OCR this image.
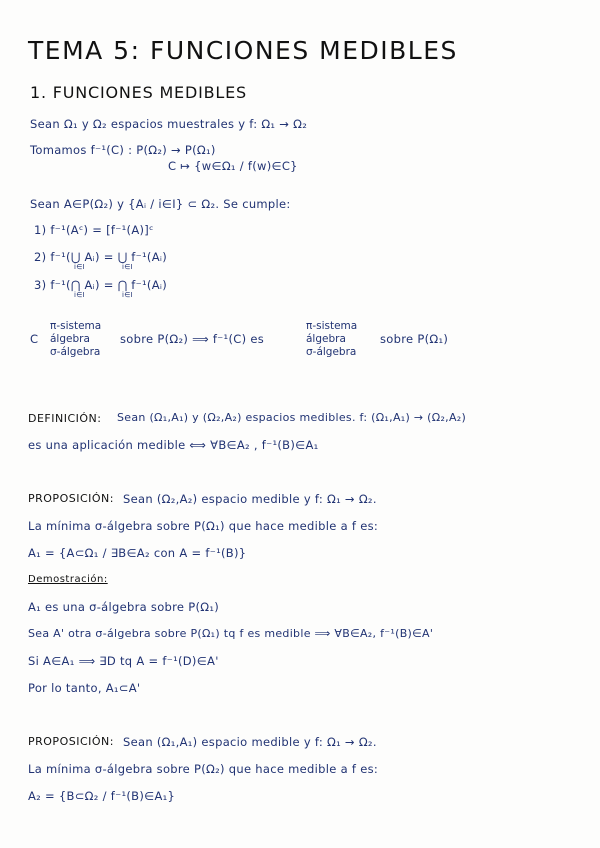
TEMA 5: FUNCIONES MEDIBLES
1. FUNCIONES MEDIBLES
Sean Ω₁ y Ω₂ espacios muestrales y f: Ω₁ → Ω₂
Tomamos f⁻¹(C) : P(Ω₂) → P(Ω₁)
C ↦ {w∈Ω₁ / f(w)∈C}
Sean A∈P(Ω₂) y {Aᵢ / i∈I} ⊂ Ω₂. Se cumple:
1) f⁻¹(Aᶜ) = [f⁻¹(A)]ᶜ
2) f⁻¹(⋃ Aᵢ) = ⋃ f⁻¹(Aᵢ)
i∈I	i∈I
3) f⁻¹(⋂ Aᵢ) = ⋂ f⁻¹(Aᵢ)
i∈I	i∈I
C
π-sistema
álgebra
σ-álgebra
sobre P(Ω₂) ⟹ f⁻¹(C) es
π-sistema
álgebra
σ-álgebra
sobre P(Ω₁)
DEFINICIÓN: Sean (Ω₁,A₁) y (Ω₂,A₂) espacios medibles. f: (Ω₁,A₁) → (Ω₂,A₂)
es una aplicación medible ⟺ ∀B∈A₂ , f⁻¹(B)∈A₁
PROPOSICIÓN: Sean (Ω₂,A₂) espacio medible y f: Ω₁ → Ω₂.
La mínima σ-álgebra sobre P(Ω₁) que hace medible a f es:
A₁ = {A⊂Ω₁ / ∃B∈A₂ con A = f⁻¹(B)}
Demostración:
A₁ es una σ-álgebra sobre P(Ω₁)
Sea A' otra σ-álgebra sobre P(Ω₁) tq f es medible ⟹ ∀B∈A₂, f⁻¹(B)∈A'
Si A∈A₁ ⟹ ∃D tq A = f⁻¹(D)∈A'
Por lo tanto, A₁⊂A'
PROPOSICIÓN: Sean (Ω₁,A₁) espacio medible y f: Ω₁ → Ω₂.
La mínima σ-álgebra sobre P(Ω₂) que hace medible a f es:
A₂ = {B⊂Ω₂ / f⁻¹(B)∈A₁}
